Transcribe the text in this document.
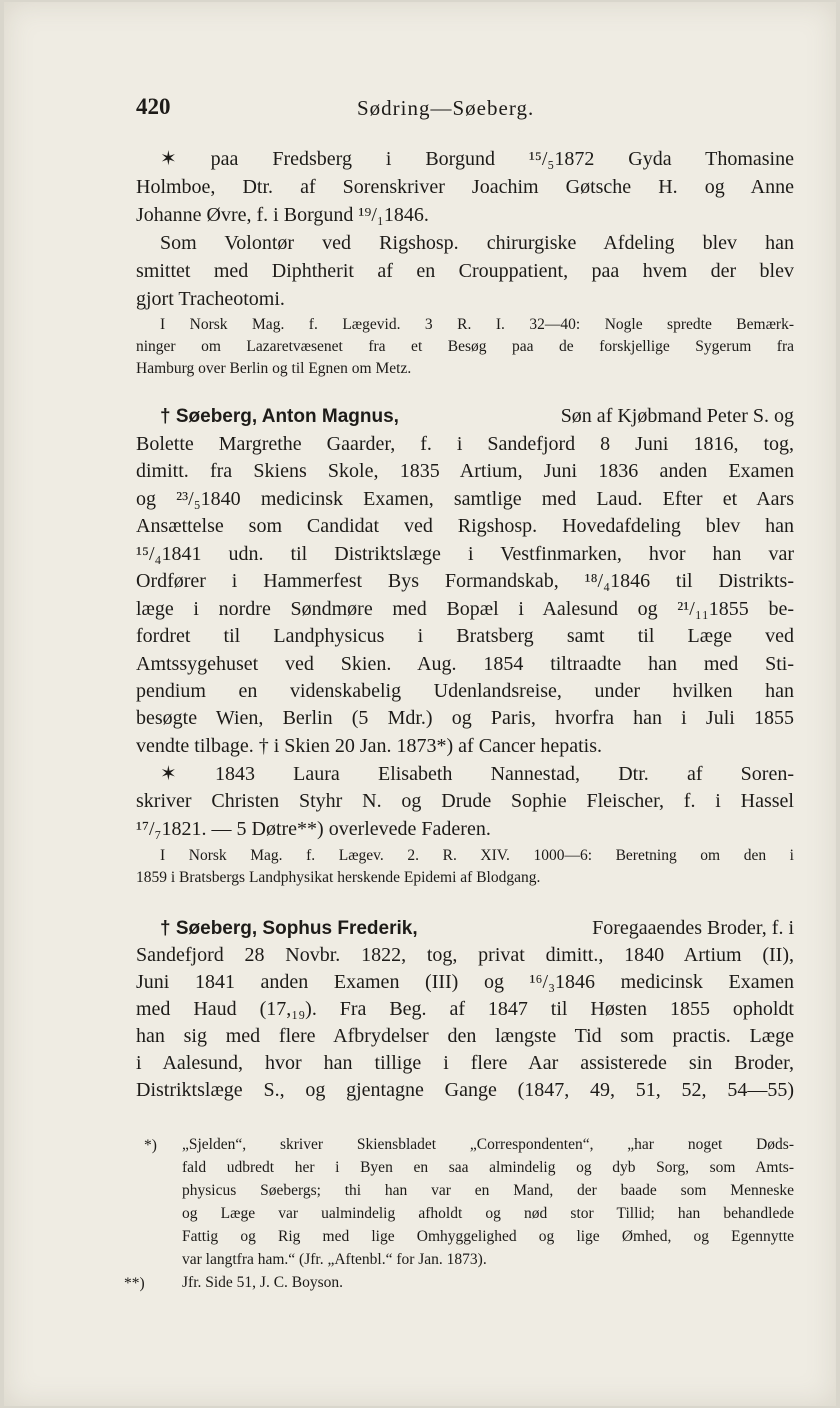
420	Sødring—Søeberg.
✶ paa Fredsberg i Borgund ¹⁵/₅1872 Gyda Thomasine
Holmboe, Dtr. af Sorenskriver Joachim Gøtsche H. og Anne
Johanne Øvre, f. i Borgund ¹⁹/₁1846.
Som Volontør ved Rigshosp. chirurgiske Afdeling blev han
smittet med Diphtherit af en Crouppatient, paa hvem der blev
gjort Tracheotomi.
I Norsk Mag. f. Lægevid. 3 R. I. 32—40: Nogle spredte Bemærk-
ninger om Lazaretvæsenet fra et Besøg paa de forskjellige Sygerum fra
Hamburg over Berlin og til Egnen om Metz.
† Søeberg, Anton Magnus,	Søn af Kjøbmand Peter S. og
Bolette Margrethe Gaarder, f. i Sandefjord 8 Juni 1816, tog,
dimitt. fra Skiens Skole, 1835 Artium, Juni 1836 anden Examen
og ²³/₅1840 medicinsk Examen, samtlige med Laud. Efter et Aars
Ansættelse som Candidat ved Rigshosp. Hovedafdeling blev han
¹⁵/₄1841 udn. til Distriktslæge i Vestfinmarken, hvor han var
Ordfører i Hammerfest Bys Formandskab, ¹⁸/₄1846 til Distrikts-
læge i nordre Søndmøre med Bopæl i Aalesund og ²¹/₁₁1855 be-
fordret til Landphysicus i Bratsberg samt til Læge ved
Amtssygehuset ved Skien. Aug. 1854 tiltraadte han med Sti-
pendium en videnskabelig Udenlandsreise, under hvilken han
besøgte Wien, Berlin (5 Mdr.) og Paris, hvorfra han i Juli 1855
vendte tilbage. † i Skien 20 Jan. 1873*) af Cancer hepatis.
✶ 1843 Laura Elisabeth Nannestad, Dtr. af Soren-
skriver Christen Styhr N. og Drude Sophie Fleischer, f. i Hassel
¹⁷/₇1821. — 5 Døtre**) overlevede Faderen.
I Norsk Mag. f. Lægev. 2. R. XIV. 1000—6: Beretning om den i
1859 i Bratsbergs Landphysikat herskende Epidemi af Blodgang.
† Søeberg, Sophus Frederik,	Foregaaendes Broder, f. i
Sandefjord 28 Novbr. 1822, tog, privat dimitt., 1840 Artium (II),
Juni 1841 anden Examen (III) og ¹⁶/₃1846 medicinsk Examen
med Haud (17,₁₉). Fra Beg. af 1847 til Høsten 1855 opholdt
han sig med flere Afbrydelser den længste Tid som practis. Læge
i Aalesund, hvor han tillige i flere Aar assisterede sin Broder,
Distriktslæge S., og gjentagne Gange (1847, 49, 51, 52, 54—55)
*) „Sjelden“, skriver Skiensbladet „Correspondenten“, „har noget Døds-
fald udbredt her i Byen en saa almindelig og dyb Sorg, som Amts-
physicus Søebergs; thi han var en Mand, der baade som Menneske
og Læge var ualmindelig afholdt og nød stor Tillid; han behandlede
Fattig og Rig med lige Omhyggelighed og lige Ømhed, og Egennytte
var langtfra ham.“ (Jfr. „Aftenbl.“ for Jan. 1873).
**) Jfr. Side 51, J. C. Boyson.
